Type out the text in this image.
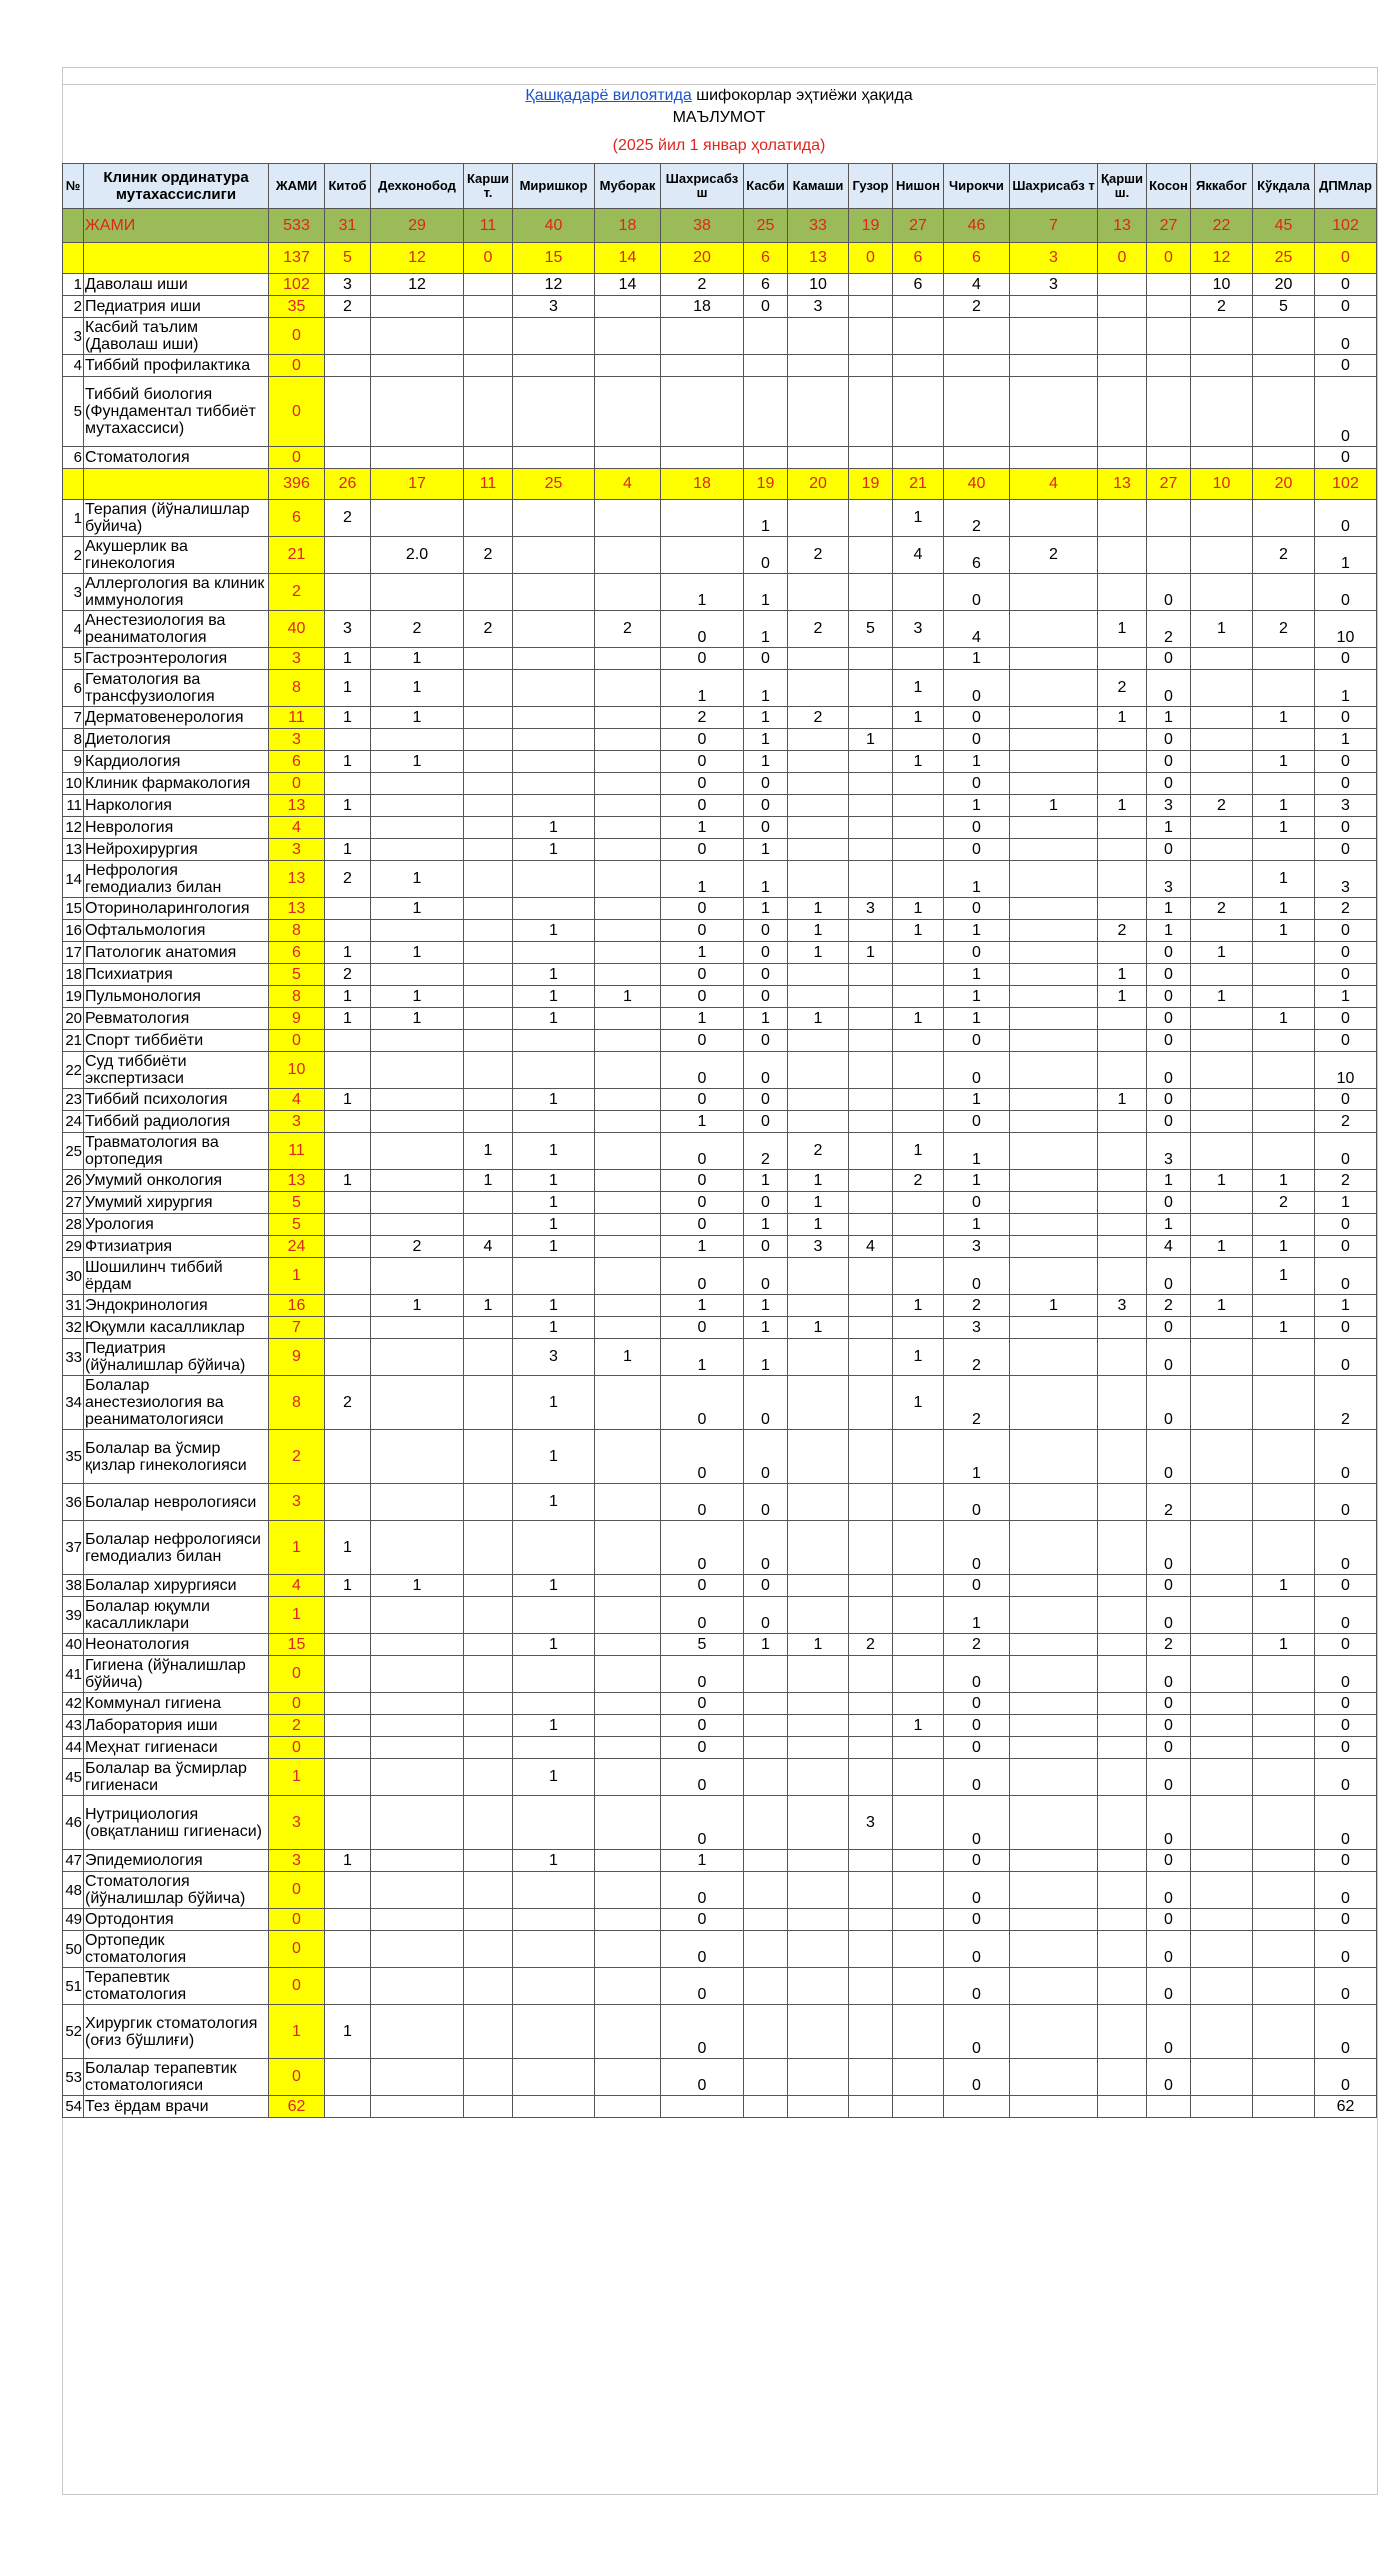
Қашқадарё вилоятида шифокорлар эҳтиёжи ҳақида
МАЪЛУМОТ
(2025 йил 1 январ ҳолатида)
№	Клиник ординатура мутахассислиги	ЖАМИ	Китоб	Дехконобод	Карши т.	Миришкор	Муборак	Шахрисабз ш	Касби	Камаши	Гузор	Нишон	Чирокчи	Шахрисабз т	Қарши ш.	Косон	Яккабог	Кўкдала	ДПМлар
	ЖАМИ	533	31	29	11	40	18	38	25	33	19	27	46	7	13	27	22	45	102
		137	5	12	0	15	14	20	6	13	0	6	6	3	0	0	12	25	0
1	Даволаш иши	102	3	12		12	14	2	6	10		6	4	3			10	20	0
2	Педиатрия иши	35	2			3		18	0	3			2				2	5	0
3	Касбий таълим (Даволаш иши)	0																	0
4	Тиббий профилактика	0																	0
5	Тиббий биология (Фундаментал тиббиёт мутахассиси)	0																	0
6	Стоматология	0																	0
		396	26	17	11	25	4	18	19	20	19	21	40	4	13	27	10	20	102
1	Терапия (йўналишлар буйича)	6	2						1			1	2						0
2	Акушерлик ва гинекология	21		2.0	2				0	2		4	6	2				2	1
3	Аллергология ва клиник иммунология	2						1	1				0			0			0
4	Анестезиология ва реаниматология	40	3	2	2		2	0	1	2	5	3	4		1	2	1	2	10
5	Гастроэнтерология	3	1	1				0	0				1			0			0
6	Гематология ва трансфузиология	8	1	1				1	1			1	0		2	0			1
7	Дерматовенерология	11	1	1				2	1	2		1	0		1	1		1	0
8	Диетология	3						0	1		1		0			0			1
9	Кардиология	6	1	1				0	1			1	1			0		1	0
10	Клиник фармакология	0						0	0				0			0			0
11	Наркология	13	1					0	0				1	1	1	3	2	1	3
12	Неврология	4				1		1	0				0			1		1	0
13	Нейрохирургия	3	1			1		0	1				0			0			0
14	Нефрология гемодиализ билан	13	2	1				1	1				1			3		1	3
15	Оториноларингология	13		1				0	1	1	3	1	0			1	2	1	2
16	Офтальмология	8				1		0	0	1		1	1		2	1		1	0
17	Патологик анатомия	6	1	1				1	0	1	1		0			0	1		0
18	Психиатрия	5	2			1		0	0				1		1	0			0
19	Пульмонология	8	1	1		1	1	0	0				1		1	0	1		1
20	Ревматология	9	1	1		1		1	1	1		1	1			0		1	0
21	Спорт тиббиёти	0						0	0				0			0			0
22	Суд тиббиёти экспертизаси	10						0	0				0			0			10
23	Тиббий психология	4	1			1		0	0				1		1	0			0
24	Тиббий радиология	3						1	0				0			0			2
25	Травматология ва ортопедия	11			1	1		0	2	2		1	1			3			0
26	Умумий онкология	13	1		1	1		0	1	1		2	1			1	1	1	2
27	Умумий хирургия	5				1		0	0	1			0			0		2	1
28	Урология	5				1		0	1	1			1			1			0
29	Фтизиатрия	24		2	4	1		1	0	3	4		3			4	1	1	0
30	Шошилинч тиббий ёрдам	1						0	0				0			0		1	0
31	Эндокринология	16		1	1	1		1	1			1	2	1	3	2	1		1
32	Юқумли касалликлар	7				1		0	1	1			3			0		1	0
33	Педиатрия (йўналишлар бўйича)	9				3	1	1	1			1	2			0			0
34	Болалар анестезиология ва реаниматологияси	8	2			1		0	0			1	2			0			2
35	Болалар ва ўсмир қизлар гинекологияси	2				1		0	0				1			0			0
36	Болалар неврологияси	3				1		0	0				0			2			0
37	Болалар нефрологияси гемодиализ билан	1	1					0	0				0			0			0
38	Болалар хирургияси	4	1	1		1		0	0				0			0		1	0
39	Болалар юқумли касалликлари	1						0	0				1			0			0
40	Неонатология	15				1		5	1	1	2		2			2		1	0
41	Гигиена (йўналишлар бўйича)	0						0					0			0			0
42	Коммунал гигиена	0						0					0			0			0
43	Лаборатория иши	2				1		0				1	0			0			0
44	Меҳнат гигиенаси	0						0					0			0			0
45	Болалар ва ўсмирлар гигиенаси	1				1		0					0			0			0
46	Нутрициология (овқатланиш гигиенаси)	3						0			3		0			0			0
47	Эпидемиология	3	1			1		1					0			0			0
48	Стоматология (йўналишлар бўйича)	0						0					0			0			0
49	Ортодонтия	0						0					0			0			0
50	Ортопедик стоматология	0						0					0			0			0
51	Терапевтик стоматология	0						0					0			0			0
52	Хирургик стоматология (оғиз бўшлиғи)	1	1					0					0			0			0
53	Болалар терапевтик стоматологияси	0						0					0			0			0
54	Тез ёрдам врачи	62																	62
